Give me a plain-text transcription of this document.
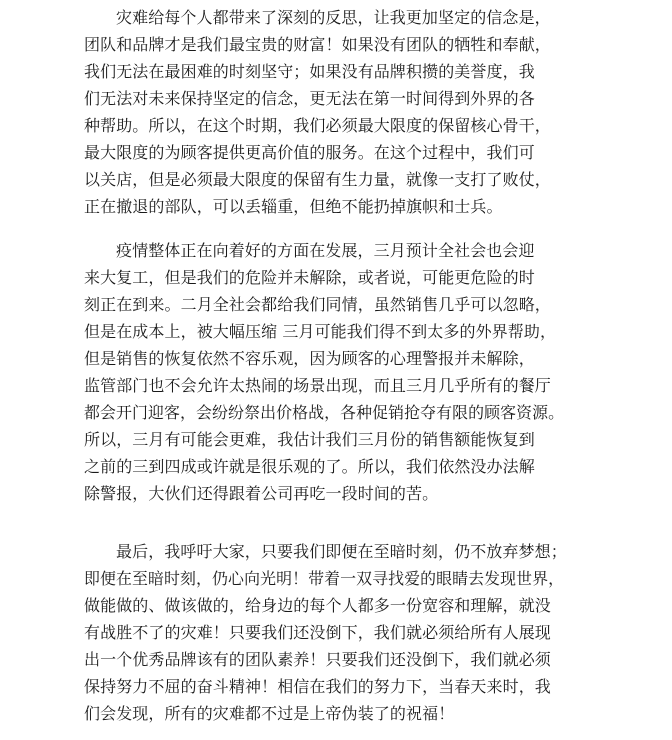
灾难给每个人都带来了深刻的反思，让我更加坚定的信念是，
团队和品牌才是我们最宝贵的财富！如果没有团队的牺牲和奉献，
我们无法在最困难的时刻坚守；如果没有品牌积攒的美誉度，我
们无法对未来保持坚定的信念，更无法在第一时间得到外界的各
种帮助。所以，在这个时期，我们必须最大限度的保留核心骨干，
最大限度的为顾客提供更高价值的服务。在这个过程中，我们可
以关店，但是必须最大限度的保留有生力量，就像一支打了败仗，
正在撤退的部队，可以丢辎重，但绝不能扔掉旗帜和士兵。
疫情整体正在向着好的方面在发展，三月预计全社会也会迎
来大复工，但是我们的危险并未解除，或者说，可能更危险的时
刻正在到来。二月全社会都给我们同情，虽然销售几乎可以忽略，
但是在成本上，被大幅压缩 三月可能我们得不到太多的外界帮助，
但是销售的恢复依然不容乐观，因为顾客的心理警报并未解除，
监管部门也不会允许太热闹的场景出现，而且三月几乎所有的餐厅
都会开门迎客，会纷纷祭出价格战，各种促销抢夺有限的顾客资源。
所以，三月有可能会更难，我估计我们三月份的销售额能恢复到
之前的三到四成或许就是很乐观的了。所以，我们依然没办法解
除警报，大伙们还得跟着公司再吃一段时间的苦。
最后，我呼吁大家，只要我们即便在至暗时刻，仍不放弃梦想；
即便在至暗时刻，仍心向光明！带着一双寻找爱的眼睛去发现世界，
做能做的、做该做的，给身边的每个人都多一份宽容和理解，就没
有战胜不了的灾难！只要我们还没倒下，我们就必须给所有人展现
出一个优秀品牌该有的团队素养！只要我们还没倒下，我们就必须
保持努力不屈的奋斗精神！相信在我们的努力下，当春天来时，我
们会发现，所有的灾难都不过是上帝伪装了的祝福！
